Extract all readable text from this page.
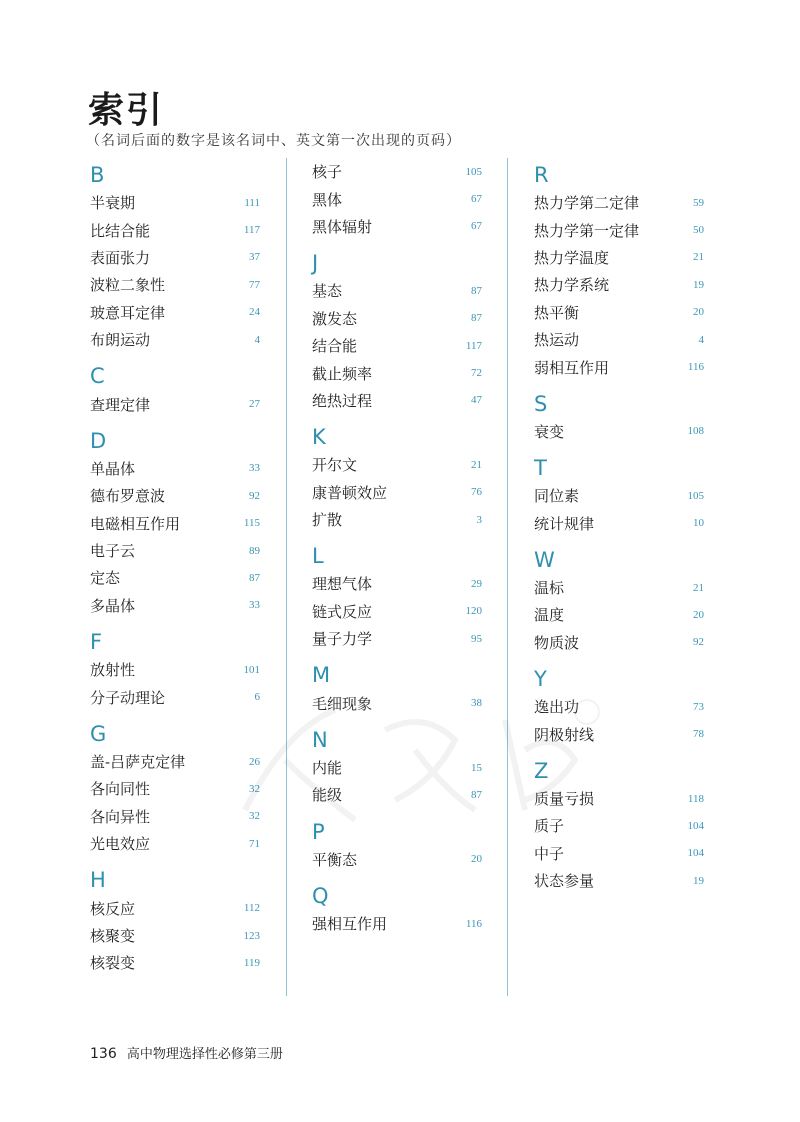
索引
（名词后面的数字是该名词中、英文第一次出现的页码）
B
半衰期	111
比结合能	117
表面张力	37
波粒二象性	77
玻意耳定律	24
布朗运动	4
C
查理定律	27
D
单晶体	33
德布罗意波	92
电磁相互作用	115
电子云	89
定态	87
多晶体	33
F
放射性	101
分子动理论	6
G
盖-吕萨克定律	26
各向同性	32
各向异性	32
光电效应	71
H
核反应	112
核聚变	123
核裂变	119
核子	105
黑体	67
黑体辐射	67
J
基态	87
激发态	87
结合能	117
截止频率	72
绝热过程	47
K
开尔文	21
康普顿效应	76
扩散	3
L
理想气体	29
链式反应	120
量子力学	95
M
毛细现象	38
N
内能	15
能级	87
P
平衡态	20
Q
强相互作用	116
R
热力学第二定律	59
热力学第一定律	50
热力学温度	21
热力学系统	19
热平衡	20
热运动	4
弱相互作用	116
S
衰变	108
T
同位素	105
统计规律	10
W
温标	21
温度	20
物质波	92
Y
逸出功	73
阴极射线	78
Z
质量亏损	118
质子	104
中子	104
状态参量	19
136 高中物理选择性必修第三册
